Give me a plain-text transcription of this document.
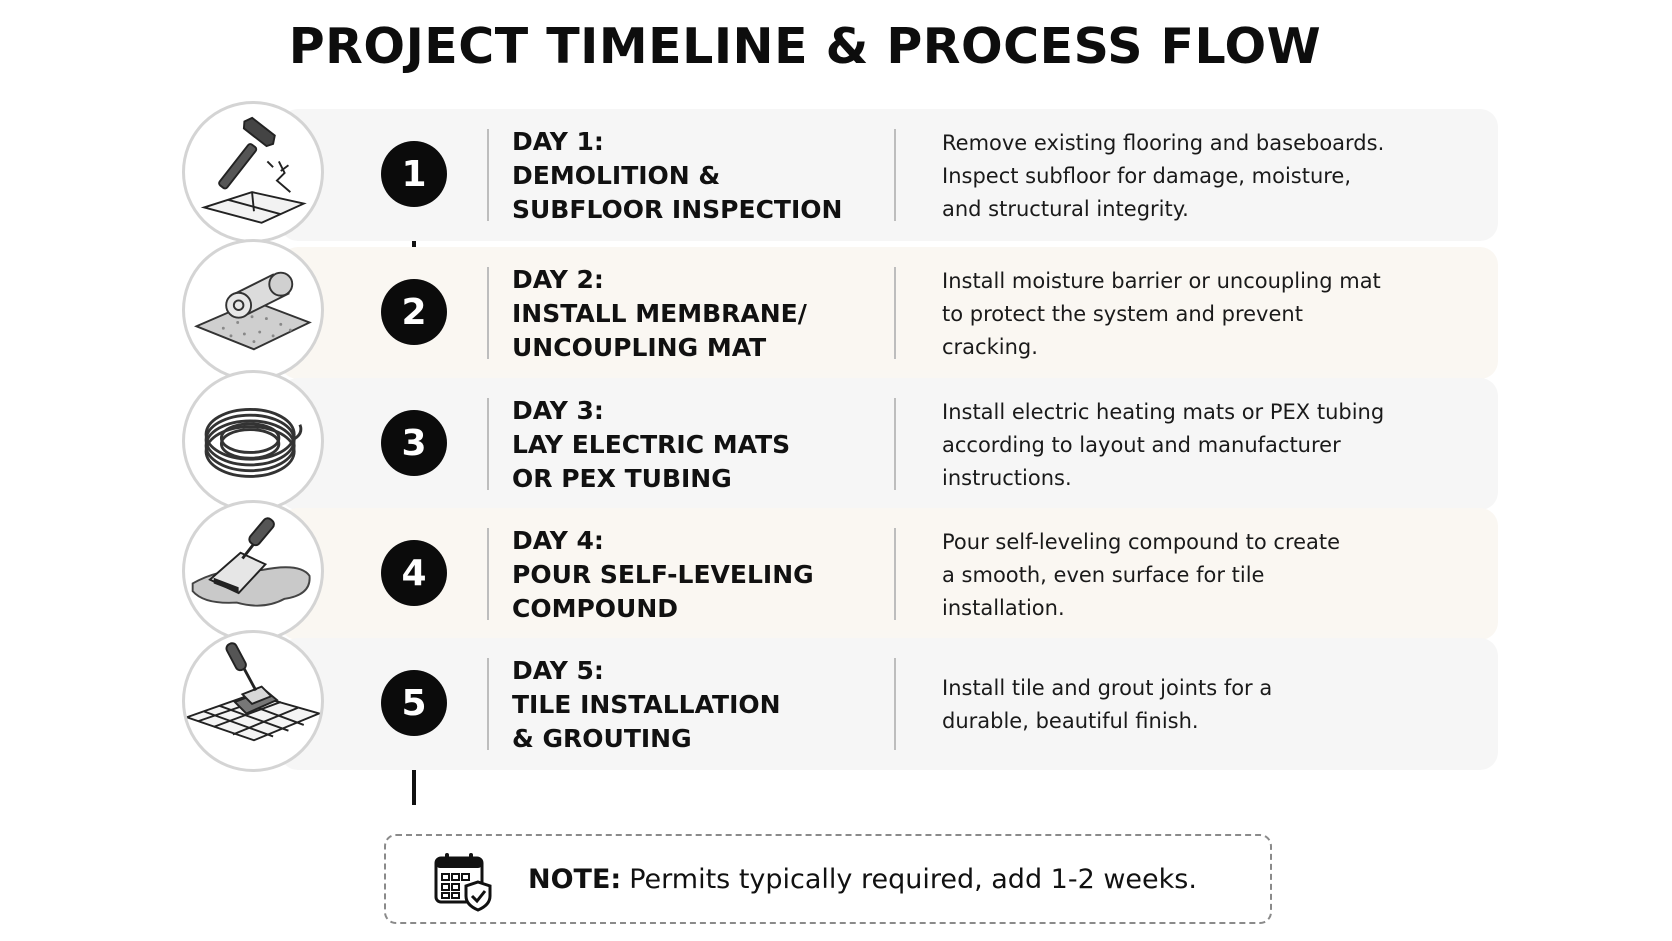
PROJECT TIMELINE & PROCESS FLOW
1
DAY 1:
DEMOLITION &
SUBFLOOR INSPECTION
Remove existing flooring and baseboards.
Inspect subfloor for damage, moisture,
and structural integrity.
2
DAY 2:
INSTALL MEMBRANE/
UNCOUPLING MAT
Install moisture barrier or uncoupling mat
to protect the system and prevent
cracking.
3
DAY 3:
LAY ELECTRIC MATS
OR PEX TUBING
Install electric heating mats or PEX tubing
according to layout and manufacturer
instructions.
4
DAY 4:
POUR SELF-LEVELING
COMPOUND
Pour self-leveling compound to create
a smooth, even surface for tile
installation.
5
DAY 5:
TILE INSTALLATION
& GROUTING
Install tile and grout joints for a
durable, beautiful finish.
NOTE: Permits typically required, add 1-2 weeks.
